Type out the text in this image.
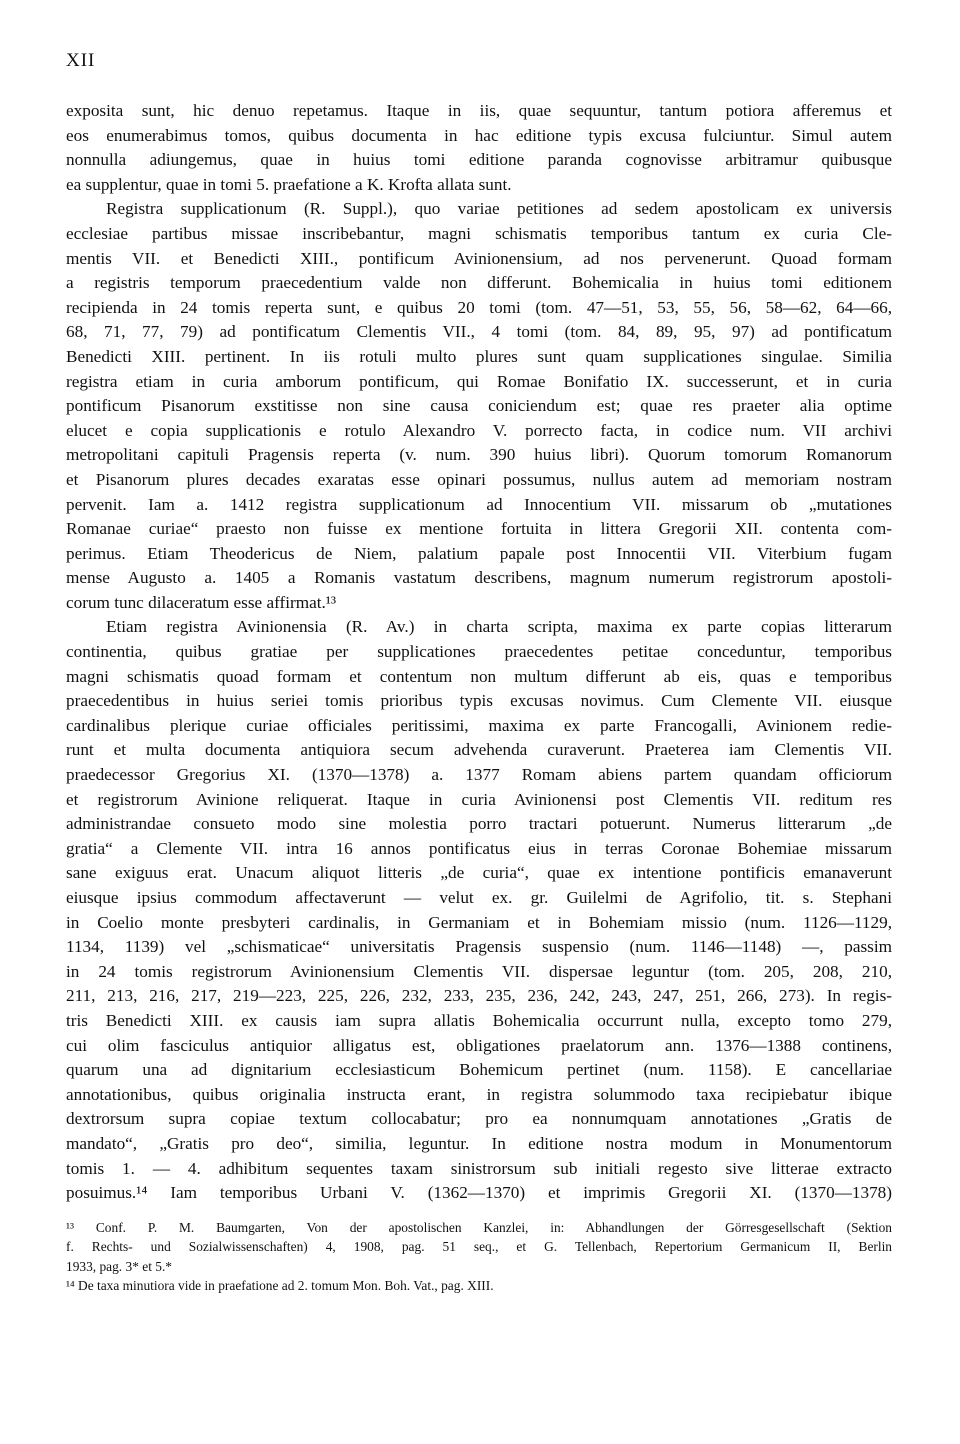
XII
exposita sunt, hic denuo repetamus. Itaque in iis, quae sequuntur, tantum potiora afferemus et
eos enumerabimus tomos, quibus documenta in hac editione typis excusa fulciuntur. Simul autem
nonnulla adiungemus, quae in huius tomi editione paranda cognovisse arbitramur quibusque
ea supplentur, quae in tomi 5. praefatione a K. Krofta allata sunt.
Registra supplicationum (R. Suppl.), quo variae petitiones ad sedem apostolicam ex universis
ecclesiae partibus missae inscribebantur, magni schismatis temporibus tantum ex curia Cle-
mentis VII. et Benedicti XIII., pontificum Avinionensium, ad nos pervenerunt. Quoad formam
a registris temporum praecedentium valde non differunt. Bohemicalia in huius tomi editionem
recipienda in 24 tomis reperta sunt, e quibus 20 tomi (tom. 47—51, 53, 55, 56, 58—62, 64—66,
68, 71, 77, 79) ad pontificatum Clementis VII., 4 tomi (tom. 84, 89, 95, 97) ad pontificatum
Benedicti XIII. pertinent. In iis rotuli multo plures sunt quam supplicationes singulae. Similia
registra etiam in curia amborum pontificum, qui Romae Bonifatio IX. successerunt, et in curia
pontificum Pisanorum exstitisse non sine causa coniciendum est; quae res praeter alia optime
elucet e copia supplicationis e rotulo Alexandro V. porrecto facta, in codice num. VII archivi
metropolitani capituli Pragensis reperta (v. num. 390 huius libri). Quorum tomorum Romanorum
et Pisanorum plures decades exaratas esse opinari possumus, nullus autem ad memoriam nostram
pervenit. Iam a. 1412 registra supplicationum ad Innocentium VII. missarum ob „mutationes
Romanae curiae“ praesto non fuisse ex mentione fortuita in littera Gregorii XII. contenta com-
perimus. Etiam Theodericus de Niem, palatium papale post Innocentii VII. Viterbium fugam
mense Augusto a. 1405 a Romanis vastatum describens, magnum numerum registrorum apostoli-
corum tunc dilaceratum esse affirmat.¹³
Etiam registra Avinionensia (R. Av.) in charta scripta, maxima ex parte copias litterarum
continentia, quibus gratiae per supplicationes praecedentes petitae conceduntur, temporibus
magni schismatis quoad formam et contentum non multum differunt ab eis, quas e temporibus
praecedentibus in huius seriei tomis prioribus typis excusas novimus. Cum Clemente VII. eiusque
cardinalibus plerique curiae officiales peritissimi, maxima ex parte Francogalli, Avinionem redie-
runt et multa documenta antiquiora secum advehenda curaverunt. Praeterea iam Clementis VII.
praedecessor Gregorius XI. (1370—1378) a. 1377 Romam abiens partem quandam officiorum
et registrorum Avinione reliquerat. Itaque in curia Avinionensi post Clementis VII. reditum res
administrandae consueto modo sine molestia porro tractari potuerunt. Numerus litterarum „de
gratia“ a Clemente VII. intra 16 annos pontificatus eius in terras Coronae Bohemiae missarum
sane exiguus erat. Unacum aliquot litteris „de curia“, quae ex intentione pontificis emanaverunt
eiusque ipsius commodum affectaverunt — velut ex. gr. Guilelmi de Agrifolio, tit. s. Stephani
in Coelio monte presbyteri cardinalis, in Germaniam et in Bohemiam missio (num. 1126—1129,
1134, 1139) vel „schismaticae“ universitatis Pragensis suspensio (num. 1146—1148) —, passim
in 24 tomis registrorum Avinionensium Clementis VII. dispersae leguntur (tom. 205, 208, 210,
211, 213, 216, 217, 219—223, 225, 226, 232, 233, 235, 236, 242, 243, 247, 251, 266, 273). In regis-
tris Benedicti XIII. ex causis iam supra allatis Bohemicalia occurrunt nulla, excepto tomo 279,
cui olim fasciculus antiquior alligatus est, obligationes praelatorum ann. 1376—1388 continens,
quarum una ad dignitarium ecclesiasticum Bohemicum pertinet (num. 1158). E cancellariae
annotationibus, quibus originalia instructa erant, in registra solummodo taxa recipiebatur ibique
dextrorsum supra copiae textum collocabatur; pro ea nonnumquam annotationes „Gratis de
mandato“, „Gratis pro deo“, similia, leguntur. In editione nostra modum in Monumentorum
tomis 1. — 4. adhibitum sequentes taxam sinistrorsum sub initiali regesto sive litterae extracto
posuimus.¹⁴ Iam temporibus Urbani V. (1362—1370) et imprimis Gregorii XI. (1370—1378)
¹³ Conf. P. M. Baumgarten, Von der apostolischen Kanzlei, in: Abhandlungen der Görresgesellschaft (Sektion
f. Rechts- und Sozialwissenschaften) 4, 1908, pag. 51 seq., et G. Tellenbach, Repertorium Germanicum II, Berlin
1933, pag. 3* et 5.*
¹⁴ De taxa minutiora vide in praefatione ad 2. tomum Mon. Boh. Vat., pag. XIII.
